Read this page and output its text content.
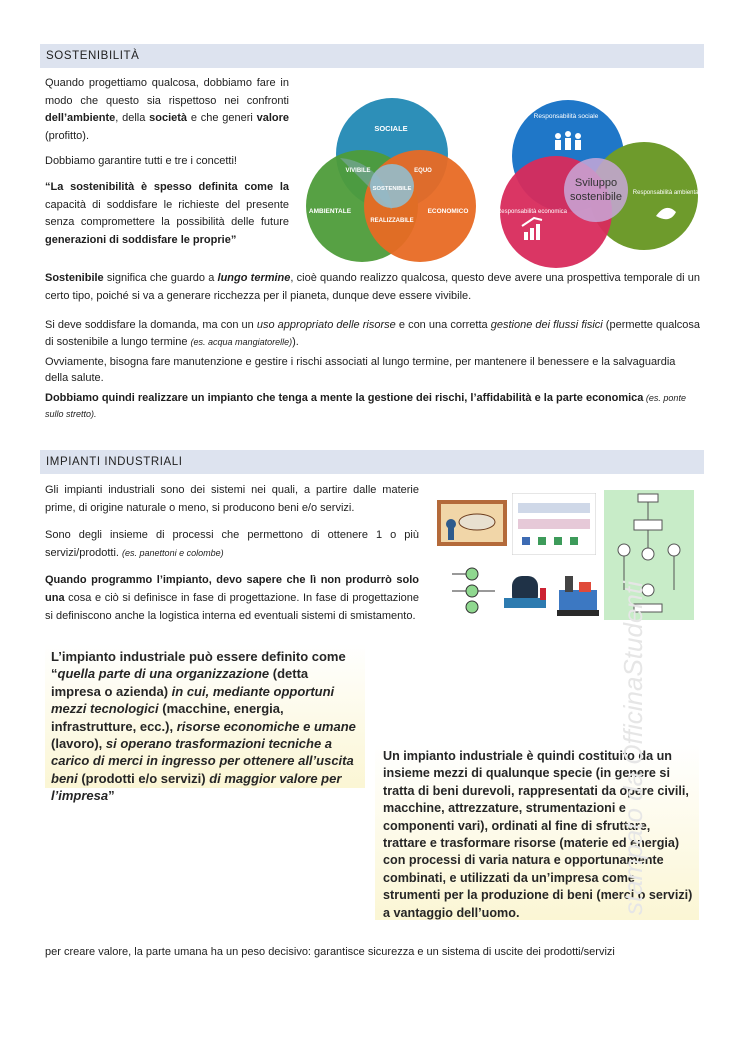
SOSTENIBILITÀ

Quando progettiamo qualcosa, dobbiamo fare in modo che questo sia rispettoso nei confronti dell’ambiente, della società e che generi valore (profitto).

Dobbiamo garantire tutti e tre i concetti!

“La sostenibilità è spesso definita come la capacità di soddisfare le richieste del presente senza compromettere la possibilità delle future generazioni di soddisfare le proprie”

SOCIALE
AMBIENTALE	ECONOMICO
VIVIBILE	EQUO
SOSTENIBILE
REALIZZABILE
Responsabilità sociale
Responsabilità ambientale
Responsabilità economica
Sviluppo
sostenibile

Sostenibile significa che guardo a lungo termine, cioè quando realizzo qualcosa, questo deve avere una prospettiva temporale di un certo tipo, poiché si va a generare ricchezza per il pianeta, dunque deve essere vivibile.

Si deve soddisfare la domanda, ma con un uso appropriato delle risorse e con una corretta gestione dei flussi fisici (permette qualcosa di sostenibile a lungo termine (es. acqua mangiatorelle)).

Ovviamente, bisogna fare manutenzione e gestire i rischi associati al lungo termine, per mantenere il benessere e la salvaguardia della salute.

Dobbiamo quindi realizzare un impianto che tenga a mente la gestione dei rischi, l’affidabilità e la parte economica (es. ponte sullo stretto).

IMPIANTI INDUSTRIALI

Gli impianti industriali sono dei sistemi nei quali, a partire dalle materie prime, di origine naturale o meno, si producono beni e/o servizi.

Sono degli insieme di processi che permettono di ottenere 1 o più servizi/prodotti. (es. panettoni e colombe)

Quando programmo l’impianto, devo sapere che lì non produrrò solo una cosa e ciò si definisce in fase di progettazione. In fase di progettazione si definiscono anche la logistica interna ed eventuali sistemi di smistamento.

L’impianto industriale può essere definito come “quella parte di una organizzazione (detta impresa o azienda) in cui, mediante opportuni mezzi tecnologici (macchine, energia, infrastrutture, ecc.), risorse economiche e umane (lavoro), si operano trasformazioni tecniche a carico di merci in ingresso per ottenere all’uscita beni (prodotti e/o servizi) di maggior valore per l’impresa”
Un impianto industriale è quindi costituito da un insieme mezzi di qualunque specie (in genere si tratta di beni durevoli, rappresentati da opere civili, macchine, attrezzature, strumentazioni e componenti vari), ordinati al fine di sfruttare, trattare e trasformare risorse (materie ed energia) con processi di varia natura e opportunamente combinati, e utilizzati da un’impresa come strumenti per la produzione di beni (merci o servizi) a vantaggio dell’uomo.	stampato da OfficinaStudenti

per creare valore, la parte umana ha un peso decisivo: garantisce sicurezza e un sistema di uscite dei prodotti/servizi
